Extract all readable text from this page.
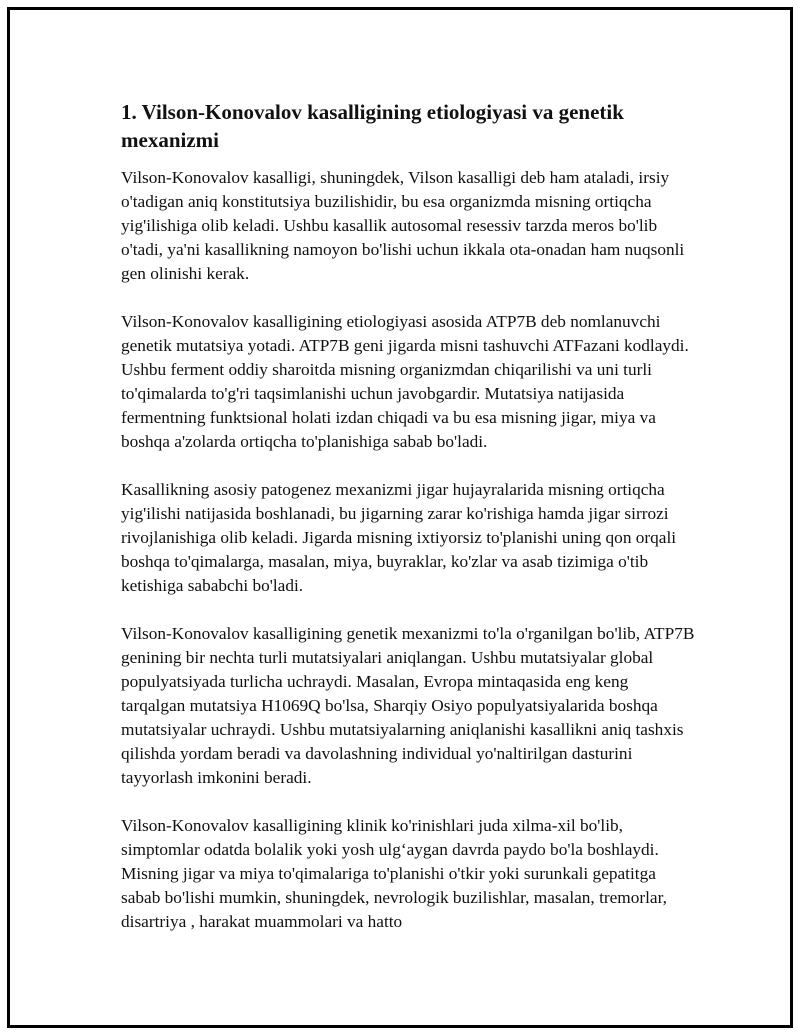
1. Vilson-Konovalov kasalligining etiologiyasi va genetik mexanizmi

Vilson-Konovalov kasalligi, shuningdek, Vilson kasalligi deb ham ataladi, irsiy o'tadigan aniq konstitutsiya buzilishidir, bu esa organizmda misning ortiqcha yig'ilishiga olib keladi. Ushbu kasallik autosomal resessiv tarzda meros bo'lib o'tadi, ya'ni kasallikning namoyon bo'lishi uchun ikkala ota-onadan ham nuqsonli gen olinishi kerak.

Vilson-Konovalov kasalligining etiologiyasi asosida ATP7B deb nomlanuvchi genetik mutatsiya yotadi. ATP7B geni jigarda misni tashuvchi ATFazani kodlaydi. Ushbu ferment oddiy sharoitda misning organizmdan chiqarilishi va uni turli to'qimalarda to'g'ri taqsimlanishi uchun javobgardir. Mutatsiya natijasida fermentning funktsional holati izdan chiqadi va bu esa misning jigar, miya va boshqa a'zolarda ortiqcha to'planishiga sabab bo'ladi.

Kasallikning asosiy patogenez mexanizmi jigar hujayralarida misning ortiqcha yig'ilishi natijasida boshlanadi, bu jigarning zarar ko'rishiga hamda jigar sirrozi rivojlanishiga olib keladi. Jigarda misning ixtiyorsiz to'planishi uning qon orqali boshqa to'qimalarga, masalan, miya, buyraklar, ko'zlar va asab tizimiga o'tib ketishiga sababchi bo'ladi.

Vilson-Konovalov kasalligining genetik mexanizmi to'la o'rganilgan bo'lib, ATP7B genining bir nechta turli mutatsiyalari aniqlangan. Ushbu mutatsiyalar global populyatsiyada turlicha uchraydi. Masalan, Evropa mintaqasida eng keng tarqalgan mutatsiya H1069Q bo'lsa, Sharqiy Osiyo populyatsiyalarida boshqa mutatsiyalar uchraydi. Ushbu mutatsiyalarning aniqlanishi kasallikni aniq tashxis qilishda yordam beradi va davolashning individual yo'naltirilgan dasturini tayyorlash imkonini beradi.

Vilson-Konovalov kasalligining klinik ko'rinishlari juda xilma-xil bo'lib, simptomlar odatda bolalik yoki yosh ulg‘aygan davrda paydo bo'la boshlaydi. Misning jigar va miya to'qimalariga to'planishi o'tkir yoki surunkali gepatitga sabab bo'lishi mumkin, shuningdek, nevrologik buzilishlar, masalan, tremorlar, disartriya , harakat muammolari va hatto
